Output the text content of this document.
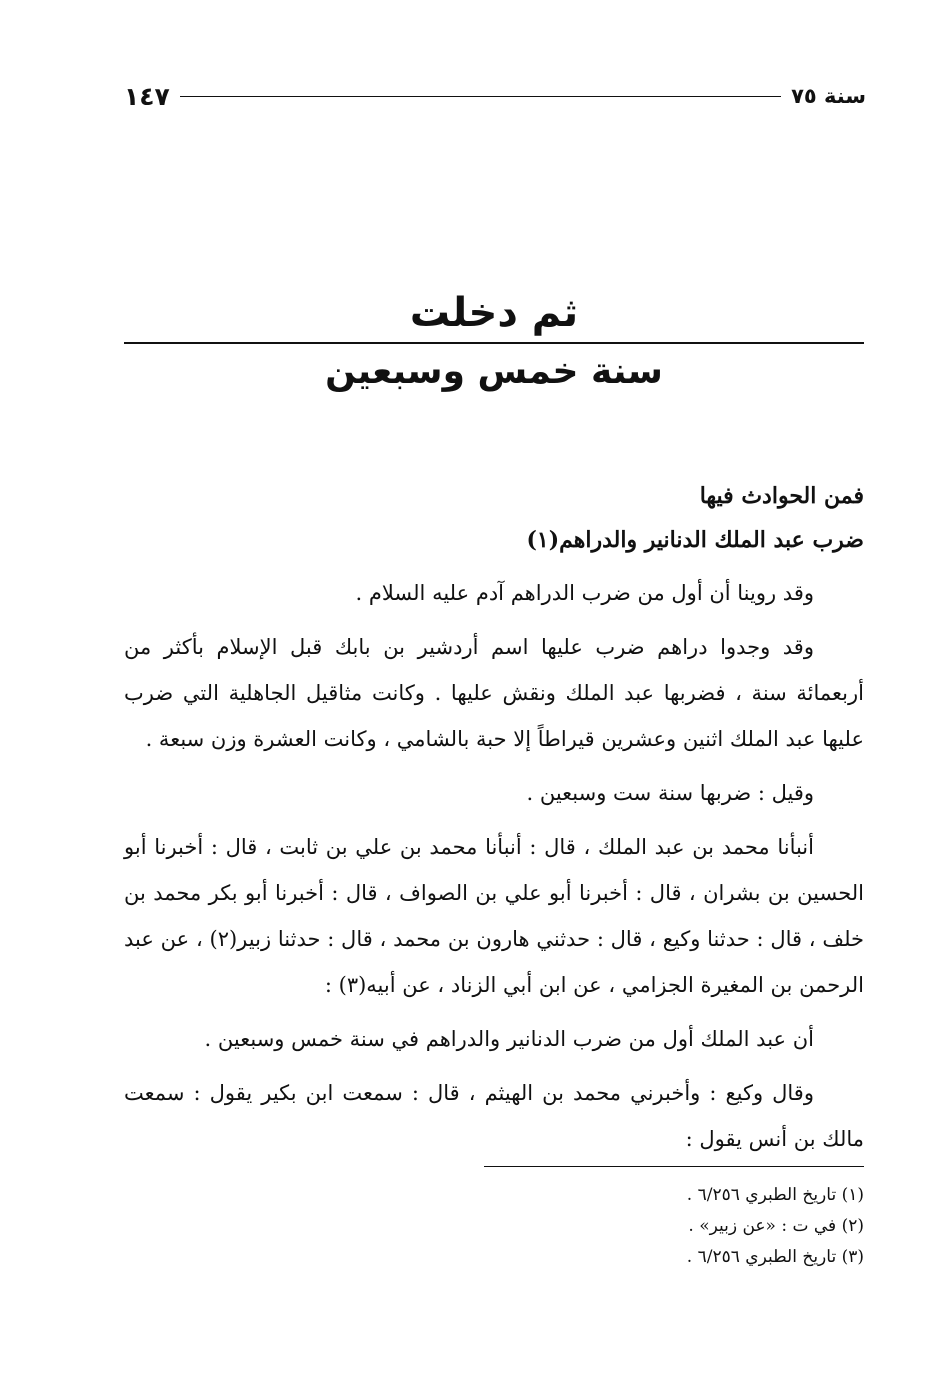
سنة ٧٥
١٤٧
ثم دخلت
سنة خمس وسبعين

فمن الحوادث فيها

ضرب عبد الملك الدنانير والدراهم(١)

وقد روينا أن أول من ضرب الدراهم آدم عليه السلام .

وقد وجدوا دراهم ضرب عليها اسم أردشير بن بابك قبل الإسلام بأكثر من أربعمائة سنة ، فضربها عبد الملك ونقش عليها . وكانت مثاقيل الجاهلية التي ضرب عليها عبد الملك اثنين وعشرين قيراطاً إلا حبة بالشامي ، وكانت العشرة وزن سبعة .

وقيل : ضربها سنة ست وسبعين .

أنبأنا محمد بن عبد الملك ، قال : أنبأنا محمد بن علي بن ثابت ، قال : أخبرنا أبو الحسين بن بشران ، قال : أخبرنا أبو علي بن الصواف ، قال : أخبرنا أبو بكر محمد بن خلف ، قال : حدثنا وكيع ، قال : حدثني هارون بن محمد ، قال : حدثنا زبير(٢) ، عن عبد الرحمن بن المغيرة الجزامي ، عن ابن أبي الزناد ، عن أبيه(٣) :

أن عبد الملك أول من ضرب الدنانير والدراهم في سنة خمس وسبعين .

وقال وكيع : وأخبرني محمد بن الهيثم ، قال : سمعت ابن بكير يقول : سمعت مالك بن أنس يقول :

(١) تاريخ الطبري ٦/٢٥٦ .

(٢) في ت : «عن زبير» .

(٣) تاريخ الطبري ٦/٢٥٦ .
